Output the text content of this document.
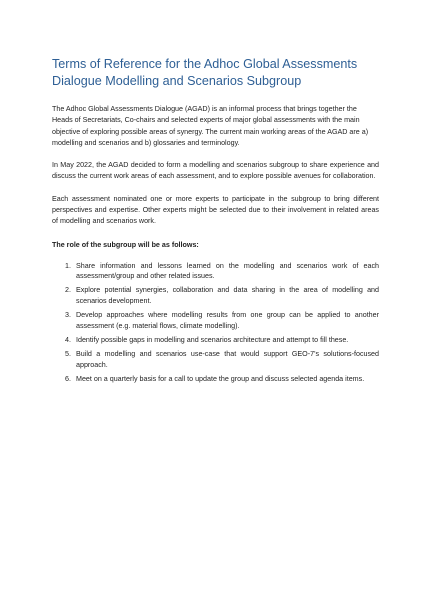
Terms of Reference for the Adhoc Global Assessments Dialogue Modelling and Scenarios Subgroup

The Adhoc Global Assessments Dialogue (AGAD) is an informal process that brings together the Heads of Secretariats, Co-chairs and selected experts of major global assessments with the main objective of exploring possible areas of synergy. The current main working areas of the AGAD are a) modelling and scenarios and b) glossaries and terminology.

In May 2022, the AGAD decided to form a modelling and scenarios subgroup to share experience and discuss the current work areas of each assessment, and to explore possible avenues for collaboration.

Each assessment nominated one or more experts to participate in the subgroup to bring different perspectives and expertise. Other experts might be selected due to their involvement in related areas of modelling and scenarios work.

The role of the subgroup will be as follows:

1. Share information and lessons learned on the modelling and scenarios work of each assessment/group and other related issues.
2. Explore potential synergies, collaboration and data sharing in the area of modelling and scenarios development.
3. Develop approaches where modelling results from one group can be applied to another assessment (e.g. material flows, climate modelling).
4. Identify possible gaps in modelling and scenarios architecture and attempt to fill these.
5. Build a modelling and scenarios use-case that would support GEO-7's solutions-focused approach.
6. Meet on a quarterly basis for a call to update the group and discuss selected agenda items.
